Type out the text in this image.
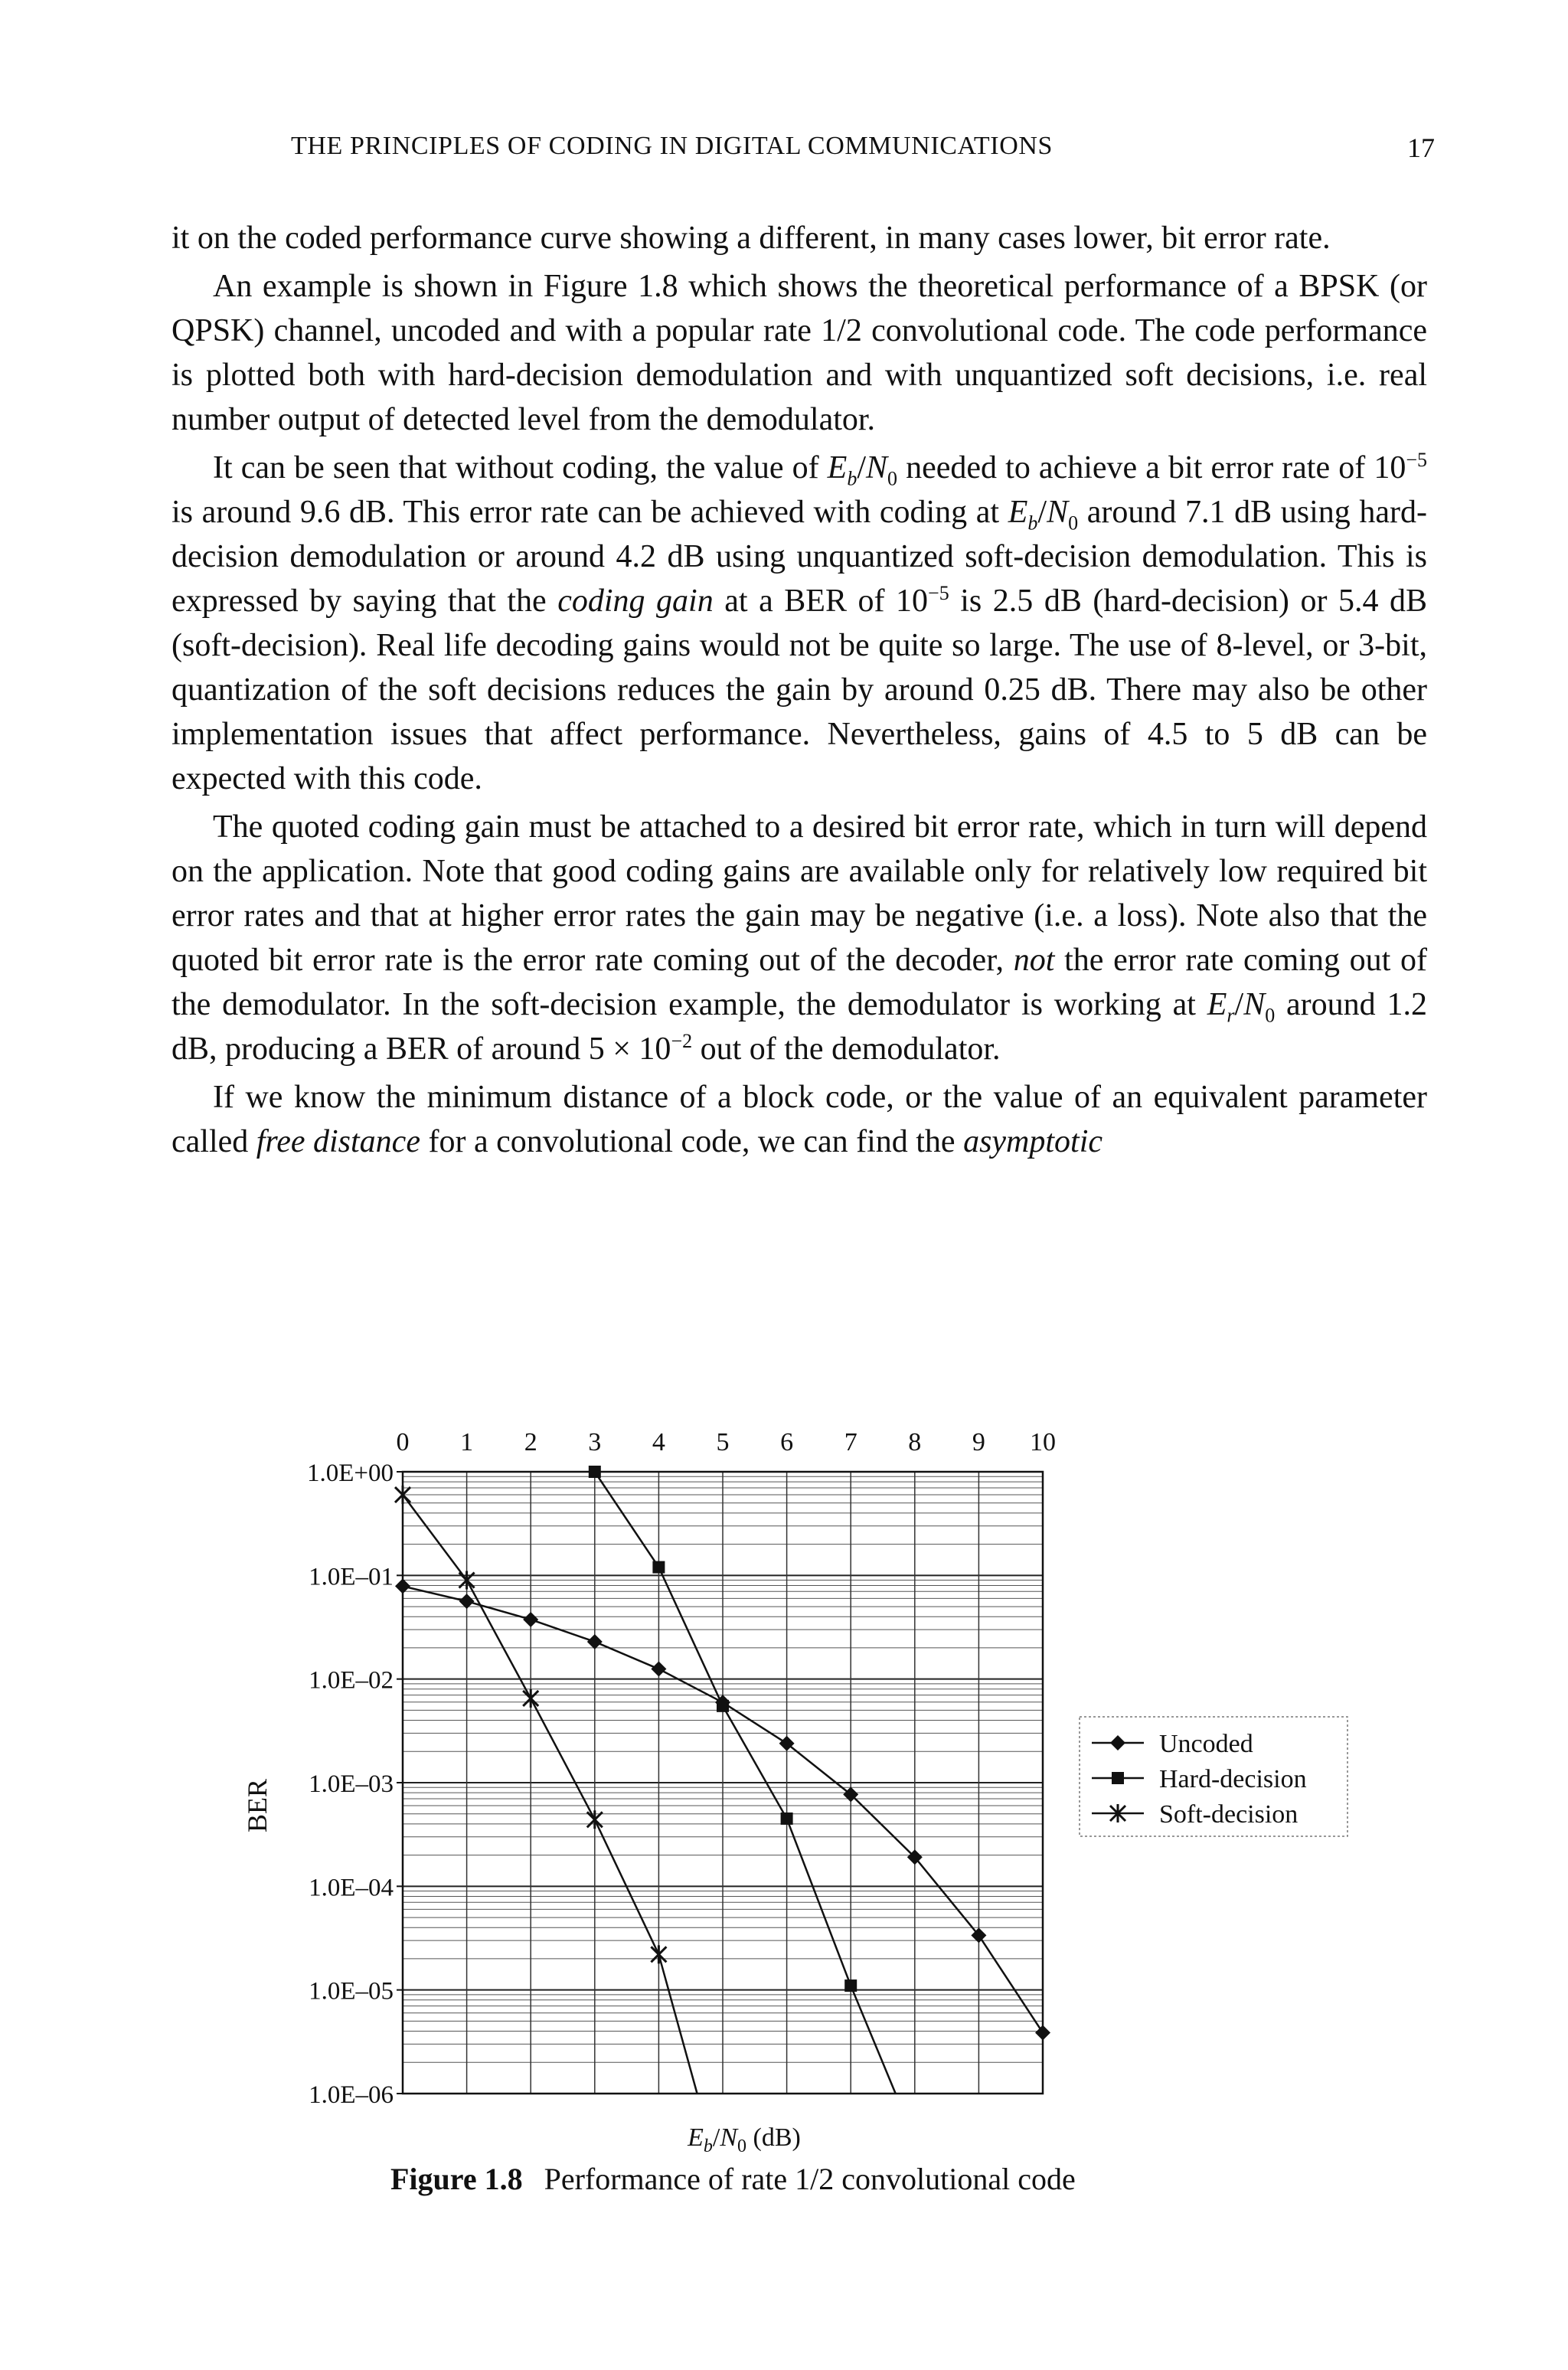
THE PRINCIPLES OF CODING IN DIGITAL COMMUNICATIONS	17

it on the coded performance curve showing a different, in many cases lower, bit error rate.

An example is shown in Figure 1.8 which shows the theoretical performance of a BPSK (or QPSK) channel, uncoded and with a popular rate 1/2 convolutional code. The code performance is plotted both with hard-decision demodulation and with unquantized soft decisions, i.e. real number output of detected level from the demodulator.

It can be seen that without coding, the value of $E_b/N_0$ needed to achieve a bit error rate of $10^{-5}$ is around 9.6 dB. This error rate can be achieved with coding at $E_b/N_0$ around 7.1 dB using hard-decision demodulation or around 4.2 dB using unquantized soft-decision demodulation. This is expressed by saying that the coding gain at a BER of $10^{-5}$ is 2.5 dB (hard-decision) or 5.4 dB (soft-decision). Real life decoding gains would not be quite so large. The use of 8-level, or 3-bit, quantization of the soft decisions reduces the gain by around 0.25 dB. There may also be other implementation issues that affect performance. Nevertheless, gains of 4.5 to 5 dB can be expected with this code.

The quoted coding gain must be attached to a desired bit error rate, which in turn will depend on the application. Note that good coding gains are available only for relatively low required bit error rates and that at higher error rates the gain may be negative (i.e. a loss). Note also that the quoted bit error rate is the error rate coming out of the decoder, not the error rate coming out of the demodulator. In the soft-decision example, the demodulator is working at $E_r/N_0$ around 1.2 dB, producing a BER of around $5 \times 10^{-2}$ out of the demodulator.

If we know the minimum distance of a block code, or the value of an equivalent parameter called free distance for a convolutional code, we can find the asymptotic

0 1 2 3 4 5 6 7 8 9 10
1.0E+00
1.0E–01
1.0E–02
1.0E–03
1.0E–04
1.0E–05
1.0E–06
BER
$E_b/N_0$ (dB)
Uncoded
Hard-decision
Soft-decision
Figure 1.8 Performance of rate 1/2 convolutional code
